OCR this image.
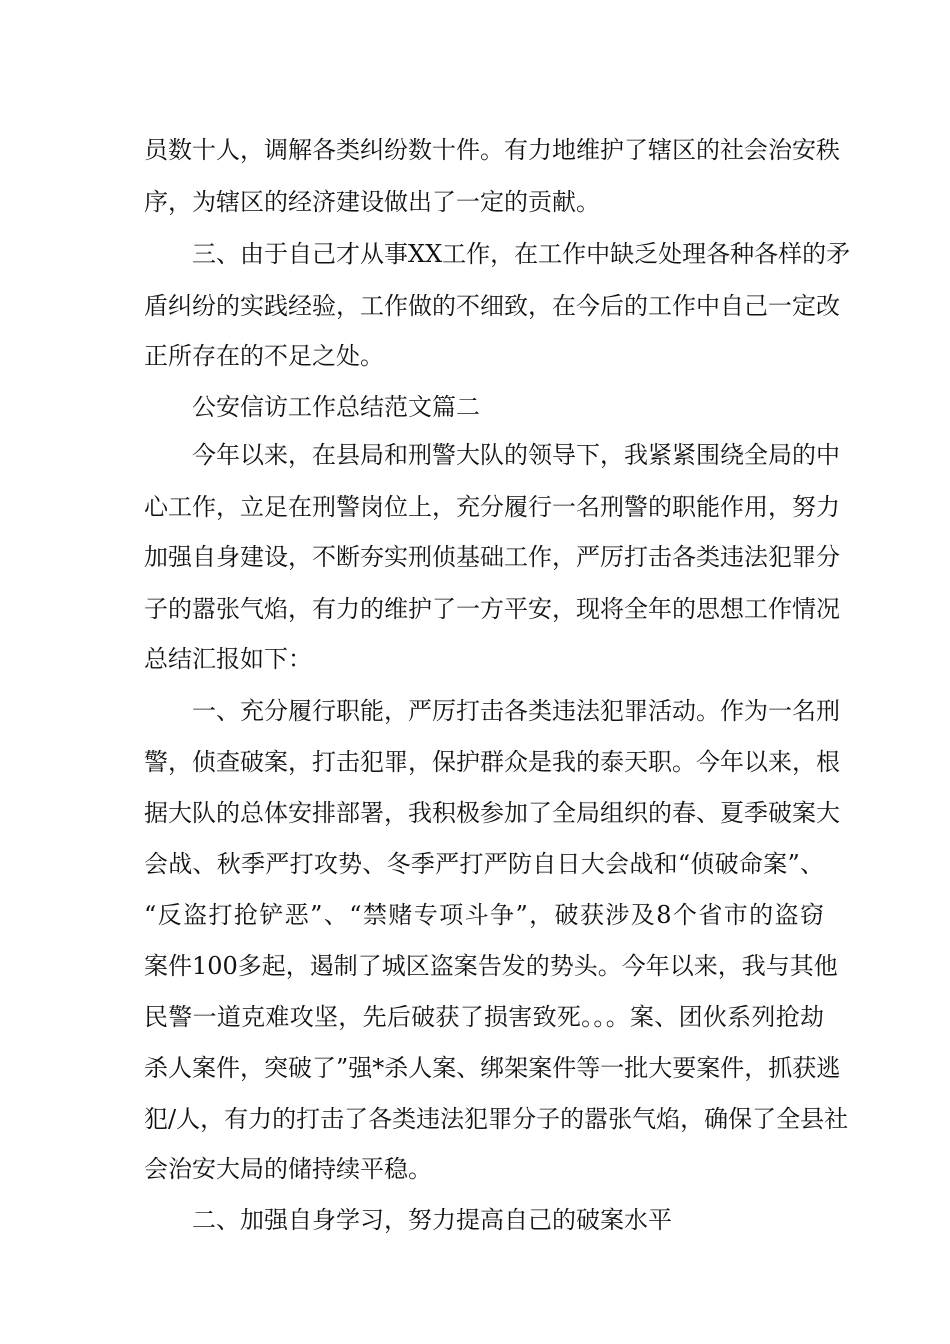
员数十人，调解各类纠纷数十件。有力地维护了辖区的社会治安秩
序，为辖区的经济建设做出了一定的贡献。
三、由于自己才从事XX工作，在工作中缺乏处理各种各样的矛
盾纠纷的实践经验，工作做的不细致，在今后的工作中自己一定改
正所存在的不足之处。
公安信访工作总结范文篇二
今年以来，在县局和刑警大队的领导下，我紧紧围绕全局的中
心工作，立足在刑警岗位上，充分履行一名刑警的职能作用，努力
加强自身建设，不断夯实刑侦基础工作，严厉打击各类违法犯罪分
子的嚣张气焰，有力的维护了一方平安，现将全年的思想工作情况
总结汇报如下：
一、充分履行职能，严厉打击各类违法犯罪活动。作为一名刑
警，侦查破案，打击犯罪，保护群众是我的泰天职。今年以来，根
据大队的总体安排部署，我积极参加了全局组织的春、夏季破案大
会战、秋季严打攻势、冬季严打严防自日大会战和“侦破命案”、
“反盗打抢铲恶”、“禁赌专项斗争”，破获涉及8个省市的盗窃
案件100多起，遏制了城区盗案告发的势头。今年以来，我与其他
民警一道克难攻坚，先后破获了损害致死。。。案、团伙系列抢劫
杀人案件，突破了”强*杀人案、绑架案件等一批大要案件，抓获逃
犯/人，有力的打击了各类违法犯罪分子的嚣张气焰，确保了全县社
会治安大局的储持续平稳。
二、加强自身学习，努力提高自己的破案水平
